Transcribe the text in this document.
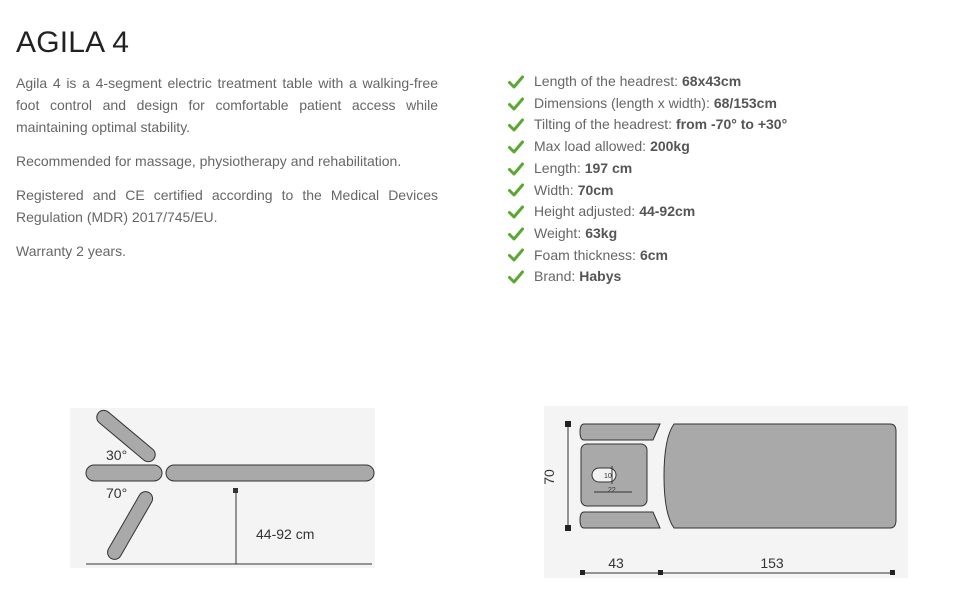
AGILA 4

Agila 4 is a 4-segment electric treatment table with a walking-free foot control and design for comfortable patient access while maintaining optimal stability.

Recommended for massage, physiotherapy and rehabilitation.

Registered and CE certified according to the Medical Devices Regulation (MDR) 2017/745/EU.

Warranty 2 years.

Length of the headrest: 68x43cm
Dimensions (length x width): 68/153cm
Tilting of the headrest: from -70° to +30°
Max load allowed: 200kg
Length: 197 cm
Width: 70cm
Height adjusted: 44-92cm
Weight: 63kg
Foam thickness: 6cm
Brand: Habys
30°
70°
44-92 cm
70	10
22
43	153
